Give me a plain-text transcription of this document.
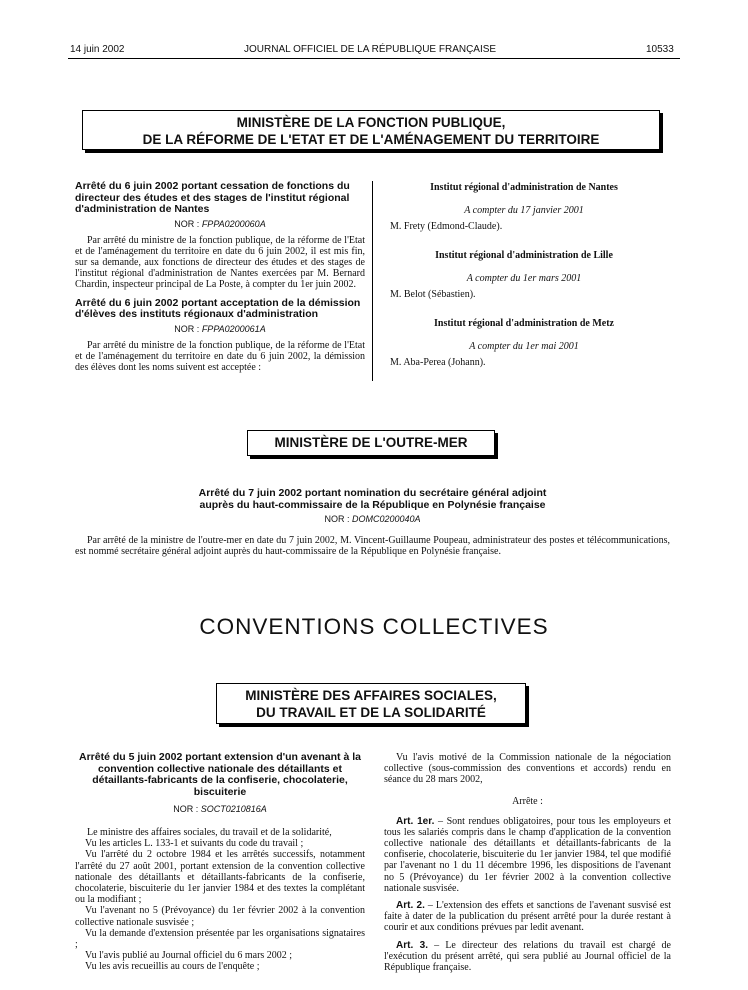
14 juin 2002	JOURNAL OFFICIEL DE LA RÉPUBLIQUE FRANÇAISE	10533
MINISTÈRE DE LA FONCTION PUBLIQUE,
DE LA RÉFORME DE L'ETAT ET DE L'AMÉNAGEMENT DU TERRITOIRE
Arrêté du 6 juin 2002 portant cessation de fonctions du directeur des études et des stages de l'institut régional d'administration de Nantes
NOR : FPPA0200060A

Par arrêté du ministre de la fonction publique, de la réforme de l'Etat et de l'aménagement du territoire en date du 6 juin 2002, il est mis fin, sur sa demande, aux fonctions de directeur des études et des stages de l'institut régional d'administration de Nantes exercées par M. Bernard Chardin, inspecteur principal de La Poste, à compter du 1er juin 2002.

Arrêté du 6 juin 2002 portant acceptation de la démission d'élèves des instituts régionaux d'administration
NOR : FPPA0200061A

Par arrêté du ministre de la fonction publique, de la réforme de l'Etat et de l'aménagement du territoire en date du 6 juin 2002, la démission des élèves dont les noms suivent est acceptée :

Institut régional d'administration de Nantes
A compter du 17 janvier 2001
M. Frety (Edmond-Claude).
Institut régional d'administration de Lille
A compter du 1er mars 2001
M. Belot (Sébastien).
Institut régional d'administration de Metz
A compter du 1er mai 2001
M. Aba-Perea (Johann).
MINISTÈRE DE L'OUTRE-MER
Arrêté du 7 juin 2002 portant nomination du secrétaire général adjoint
auprès du haut-commissaire de la République en Polynésie française
NOR : DOMC0200040A

Par arrêté de la ministre de l'outre-mer en date du 7 juin 2002, M. Vincent-Guillaume Poupeau, administrateur des postes et télécommunications, est nommé secrétaire général adjoint auprès du haut-commissaire de la République en Polynésie française.

CONVENTIONS COLLECTIVES
MINISTÈRE DES AFFAIRES SOCIALES,
DU TRAVAIL ET DE LA SOLIDARITÉ
Arrêté du 5 juin 2002 portant extension d'un avenant à la convention collective nationale des détaillants et détaillants-fabricants de la confiserie, chocolaterie, biscuiterie
NOR : SOCT0210816A

Le ministre des affaires sociales, du travail et de la solidarité,

Vu les articles L. 133-1 et suivants du code du travail ;

Vu l'arrêté du 2 octobre 1984 et les arrêtés successifs, notamment l'arrêté du 27 août 2001, portant extension de la convention collective nationale des détaillants et détaillants-fabricants de la confiserie, chocolaterie, biscuiterie du 1er janvier 1984 et des textes la complétant ou la modifiant ;

Vu l'avenant no 5 (Prévoyance) du 1er février 2002 à la convention collective nationale susvisée ;

Vu la demande d'extension présentée par les organisations signataires ;

Vu l'avis publié au Journal officiel du 6 mars 2002 ;

Vu les avis recueillis au cours de l'enquête ;

Vu l'avis motivé de la Commission nationale de la négociation collective (sous-commission des conventions et accords) rendu en séance du 28 mars 2002,

Arrête :

Art. 1er. – Sont rendues obligatoires, pour tous les employeurs et tous les salariés compris dans le champ d'application de la convention collective nationale des détaillants et détaillants-fabricants de la confiserie, chocolaterie, biscuiterie du 1er janvier 1984, tel que modifié par l'avenant no 1 du 11 décembre 1996, les dispositions de l'avenant no 5 (Prévoyance) du 1er février 2002 à la convention collective nationale susvisée.

Art. 2. – L'extension des effets et sanctions de l'avenant susvisé est faite à dater de la publication du présent arrêté pour la durée restant à courir et aux conditions prévues par ledit avenant.

Art. 3. – Le directeur des relations du travail est chargé de l'exécution du présent arrêté, qui sera publié au Journal officiel de la République française.
